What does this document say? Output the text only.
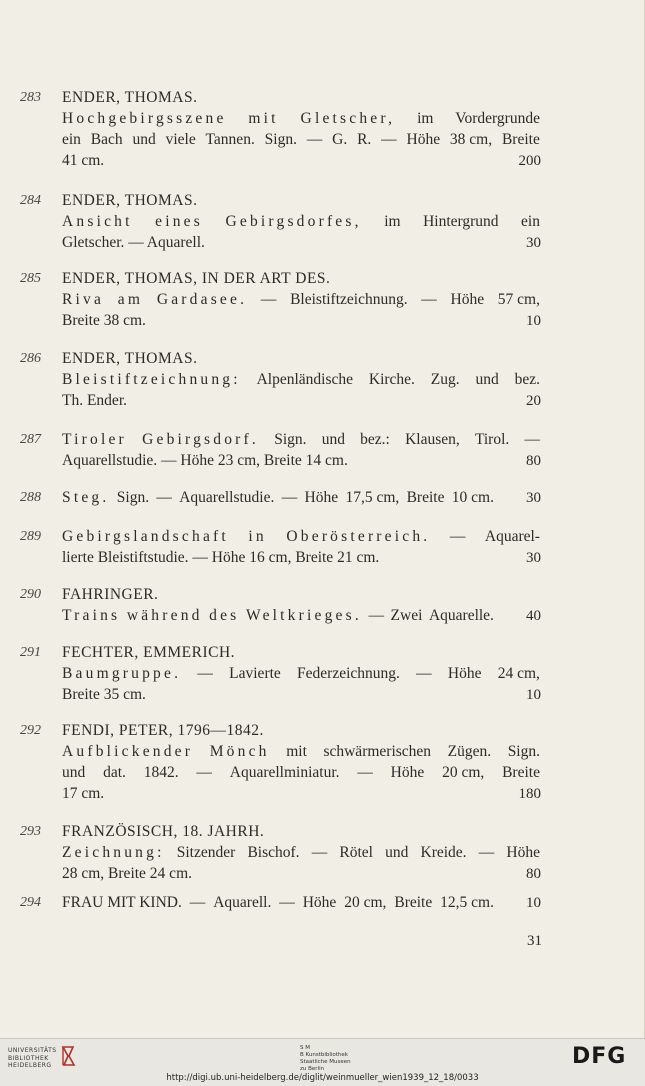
283	ENDER, THOMAS.
Hochgebirgsszene mit Gletscher, im Vordergrunde
ein Bach und viele Tannen. Sign. — G. R. — Höhe 38 cm, Breite
41 cm.	200
284	ENDER, THOMAS.
Ansicht eines Gebirgsdorfes, im Hintergrund ein
Gletscher. — Aquarell.	30
285	ENDER, THOMAS, IN DER ART DES.
Riva am Gardasee. — Bleistiftzeichnung. — Höhe 57 cm,
Breite 38 cm.	10
286	ENDER, THOMAS.
Bleistiftzeichnung: Alpenländische Kirche. Zug. und bez.
Th. Ender.	20
287	Tiroler Gebirgsdorf. Sign. und bez.: Klausen, Tirol. —
Aquarellstudie. — Höhe 23 cm, Breite 14 cm.	80
288	Steg. Sign. — Aquarellstudie. — Höhe 17,5 cm, Breite 10 cm. 30
289	Gebirgslandschaft in Oberösterreich. — Aquarel-
lierte Bleistiftstudie. — Höhe 16 cm, Breite 21 cm.	30
290	FAHRINGER.
Trains während des Weltkrieges. — Zwei Aquarelle. 40
291	FECHTER, EMMERICH.
Baumgruppe. — Lavierte Federzeichnung. — Höhe 24 cm,
Breite 35 cm.	10
292	FENDI, PETER, 1796—1842.
Aufblickender Mönch mit schwärmerischen Zügen. Sign.
und dat. 1842. — Aquarellminiatur. — Höhe 20 cm, Breite
17 cm.	180
293	FRANZÖSISCH, 18. JAHRH.
Zeichnung: Sitzender Bischof. — Rötel und Kreide. — Höhe
28 cm, Breite 24 cm.	80
294	FRAU MIT KIND. — Aquarell. — Höhe 20 cm, Breite 12,5 cm. 10
31
UNIVERSITÄTS
BIBLIOTHEK
HEIDELBERG
S M
B Kunstbibliothek
Staatliche Museen
zu Berlin	DFG
http://digi.ub.uni-heidelberg.de/diglit/weinmueller_wien1939_12_18/0033
